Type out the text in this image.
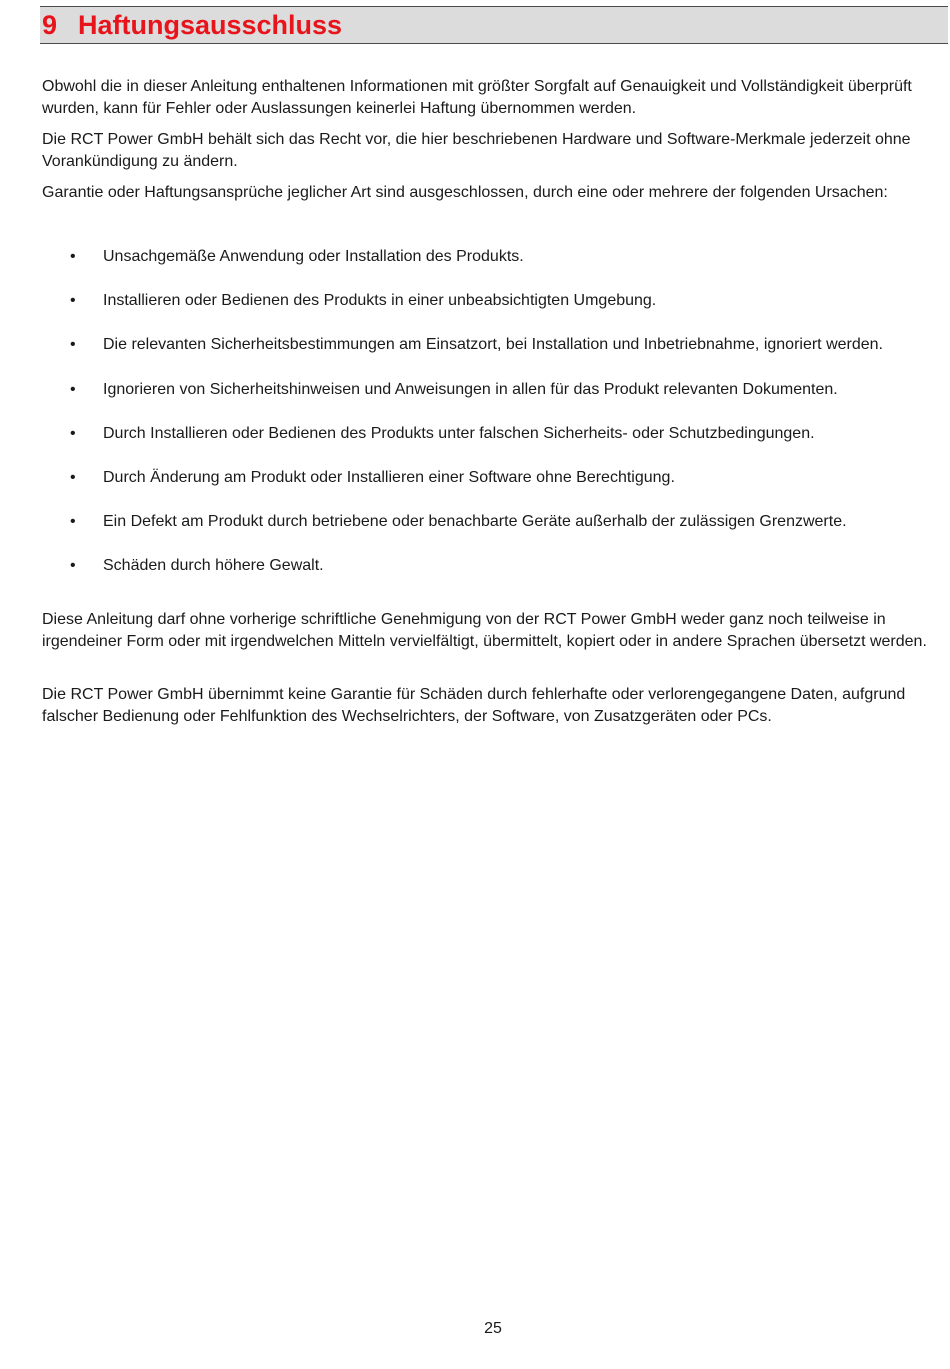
9 Haftungsausschluss

Obwohl die in dieser Anleitung enthaltenen Informationen mit größter Sorgfalt auf Genauigkeit und Vollständigkeit überprüft wurden, kann für Fehler oder Auslassungen keinerlei Haftung übernommen werden.

Die RCT Power GmbH behält sich das Recht vor, die hier beschriebenen Hardware und Software-Merkmale jederzeit ohne Vorankündigung zu ändern.

Garantie oder Haftungsansprüche jeglicher Art sind ausgeschlossen, durch eine oder mehrere der folgenden Ursachen:

• Unsachgemäße Anwendung oder Installation des Produkts.
• Installieren oder Bedienen des Produkts in einer unbeabsichtigten Umgebung.
• Die relevanten Sicherheitsbestimmungen am Einsatzort, bei Installation und Inbetriebnahme, ignoriert werden.
• Ignorieren von Sicherheitshinweisen und Anweisungen in allen für das Produkt relevanten Dokumenten.
• Durch Installieren oder Bedienen des Produkts unter falschen Sicherheits- oder Schutzbedingungen.
• Durch Änderung am Produkt oder Installieren einer Software ohne Berechtigung.
• Ein Defekt am Produkt durch betriebene oder benachbarte Geräte außerhalb der zulässigen Grenzwerte.
• Schäden durch höhere Gewalt.

Diese Anleitung darf ohne vorherige schriftliche Genehmigung von der RCT Power GmbH weder ganz noch teilweise in irgendeiner Form oder mit irgendwelchen Mitteln vervielfältigt, übermittelt, kopiert oder in andere Sprachen übersetzt werden.

Die RCT Power GmbH übernimmt keine Garantie für Schäden durch fehlerhafte oder verlorengegangene Daten, aufgrund falscher Bedienung oder Fehlfunktion des Wechselrichters, der Software, von Zusatzgeräten oder PCs.

25
